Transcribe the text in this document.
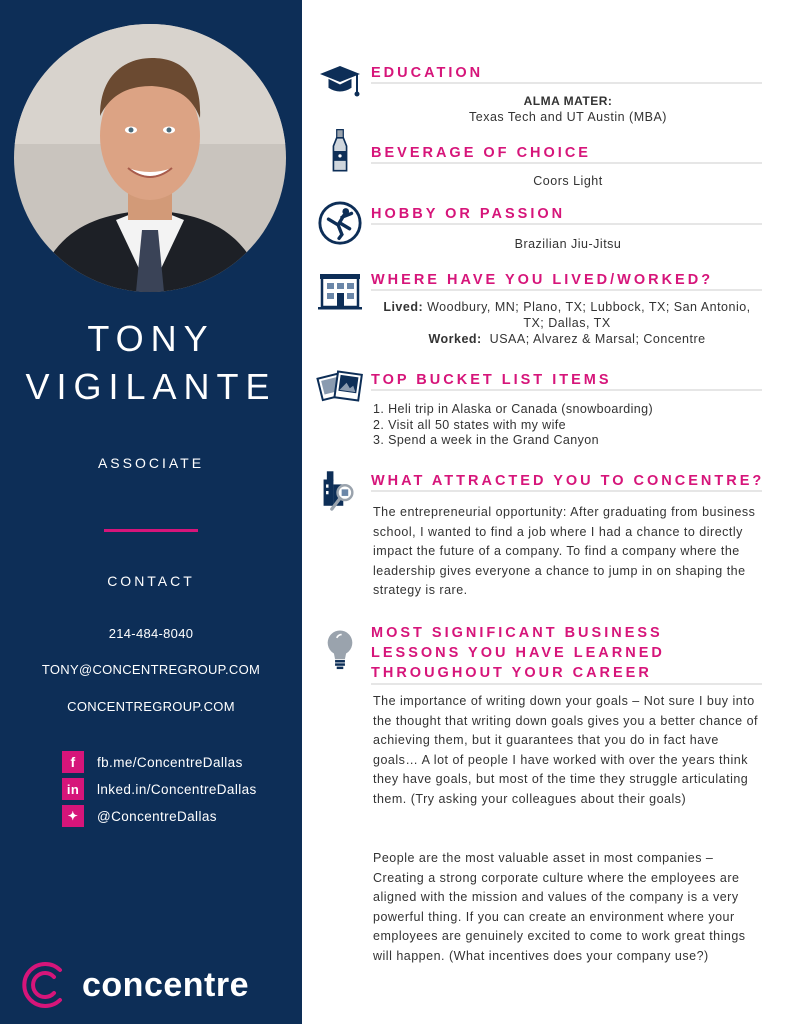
TONY
VIGILANTE
ASSOCIATE
CONTACT
214-484-8040
TONY@CONCENTREGROUP.COM
CONCENTREGROUP.COM
f	fb.me/ConcentreDallas
in	lnked.in/ConcentreDallas
✦	@ConcentreDallas
concentre
EDUCATION
ALMA MATER:
Texas Tech and UT Austin (MBA)
BEVERAGE OF CHOICE
Coors Light
HOBBY OR PASSION
Brazilian Jiu-Jitsu
WHERE HAVE YOU LIVED/WORKED?
Lived: Woodbury, MN; Plano, TX; Lubbock, TX; San Antonio, TX; Dallas, TX
Worked: USAA; Alvarez & Marsal; Concentre
TOP BUCKET LIST ITEMS
1. Heli trip in Alaska or Canada (snowboarding)
2. Visit all 50 states with my wife
3. Spend a week in the Grand Canyon
WHAT ATTRACTED YOU TO CONCENTRE?
The entrepreneurial opportunity: After graduating from business school, I wanted to find a job where I had a chance to directly impact the future of a company. To find a company where the leadership gives everyone a chance to jump in on shaping the strategy is rare.
MOST SIGNIFICANT BUSINESS
LESSONS YOU HAVE LEARNED
THROUGHOUT YOUR CAREER
The importance of writing down your goals – Not sure I buy into the thought that writing down goals gives you a better chance of achieving them, but it guarantees that you do in fact have goals… A lot of people I have worked with over the years think they have goals, but most of the time they struggle articulating them. (Try asking your colleagues about their goals)
People are the most valuable asset in most companies – Creating a strong corporate culture where the employees are aligned with the mission and values of the company is a very powerful thing. If you can create an environment where your employees are genuinely excited to come to work great things will happen. (What incentives does your company use?)
